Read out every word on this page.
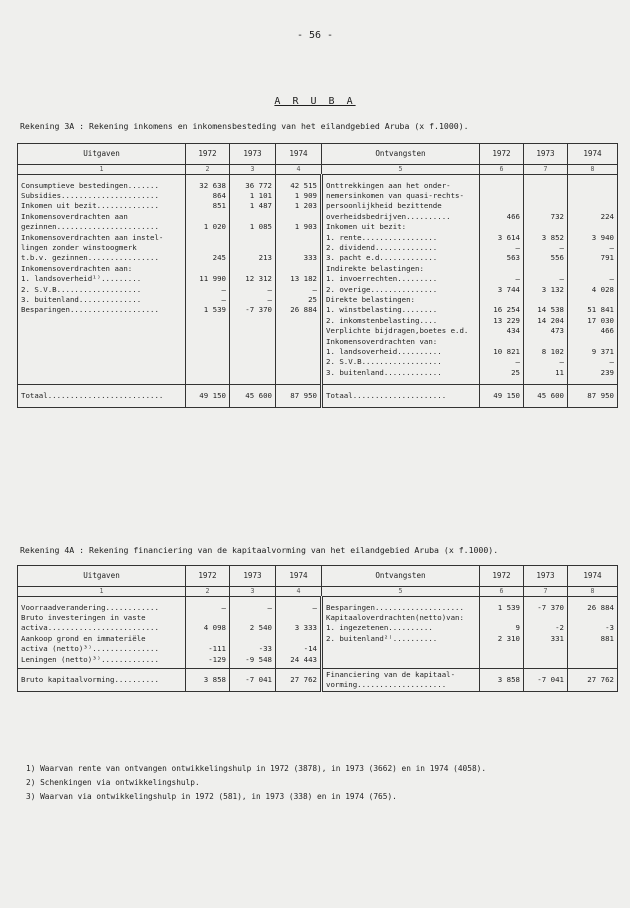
- 56 -
A R U B A
Rekening 3A : Rekening inkomens en inkomensbesteding van het eilandgebied Aruba (x f.1000).
Uitgaven	1972	1973	1974	Ontvangsten	1972	1973	1974
1	2	3	4	5	6	7	8

Consumptieve bestedingen.......	32 638	36 772	42 515	Onttrekkingen aan het onder-			
Subsidies......................	864	1 101	1 909	nemersinkomen van quasi-rechts-			
Inkomen uit bezit..............	851	1 487	1 203	persoonlijkheid bezittende			
Inkomensoverdrachten aan				overheidsbedrijven..........	466	732	224
gezinnen.......................	1 020	1 085	1 903	Inkomen uit bezit:			
Inkomensoverdrachten aan instel-				1. rente.................	3 614	3 852	3 940
lingen zonder winstoogmerk				2. dividend..............	–	–	–
t.b.v. gezinnen................	245	213	333	3. pacht e.d.............	563	556	791
Inkomensoverdrachten aan:				Indirekte belastingen:			
1. landsoverheid¹⁾.........	11 990	12 312	13 182	1. invoerrechten.........	–	–	–
2. S.V.B...................	–	–	–	2. overige...............	3 744	3 132	4 028
3. buitenland..............	–	–	25	Direkte belastingen:			
Besparingen....................	1 539	-7 370	26 884	1. winstbelasting........	16 254	14 538	51 841
				2. inkomstenbelasting....	13 229	14 204	17 030
				Verplichte bijdragen,boetes e.d.	434	473	466
				Inkomensoverdrachten van:			
				1. landsoverheid..........	10 821	8 102	9 371
				2. S.V.B..................	–	–	–
				3. buitenland.............	25	11	239

Totaal..........................	49 150	45 600	87 950	Totaal.....................	49 150	45 600	87 950
Rekening 4A : Rekening financiering van de kapitaalvorming van het eilandgebied Aruba (x f.1000).
Uitgaven	1972	1973	1974	Ontvangsten	1972	1973	1974
1	2	3	4	5	6	7	8

Voorraadverandering............	–	–	–	Besparingen....................	1 539	-7 370	26 884
Bruto investeringen in vaste				Kapitaaloverdrachten(netto)van:			
activa.........................	4 098	2 540	3 333	1. ingezetenen..........	9	-2	-3
Aankoop grond en immateriële				2. buitenland²⁾..........	2 310	331	881
activa (netto)³⁾...............	-111	-33	-14				
Leningen (netto)³⁾.............	-129	-9 548	24 443				

Bruto kapitaalvorming..........	3 858	-7 041	27 762	Financiering van de kapitaal- vorming....................	3 858	-7 041	27 762
1) Waarvan rente van ontvangen ontwikkelingshulp in 1972 (3878), in 1973 (3662) en in 1974 (4058).
2) Schenkingen via ontwikkelingshulp.
3) Waarvan via ontwikkelingshulp in 1972 (581), in 1973 (338) en in 1974 (765).
